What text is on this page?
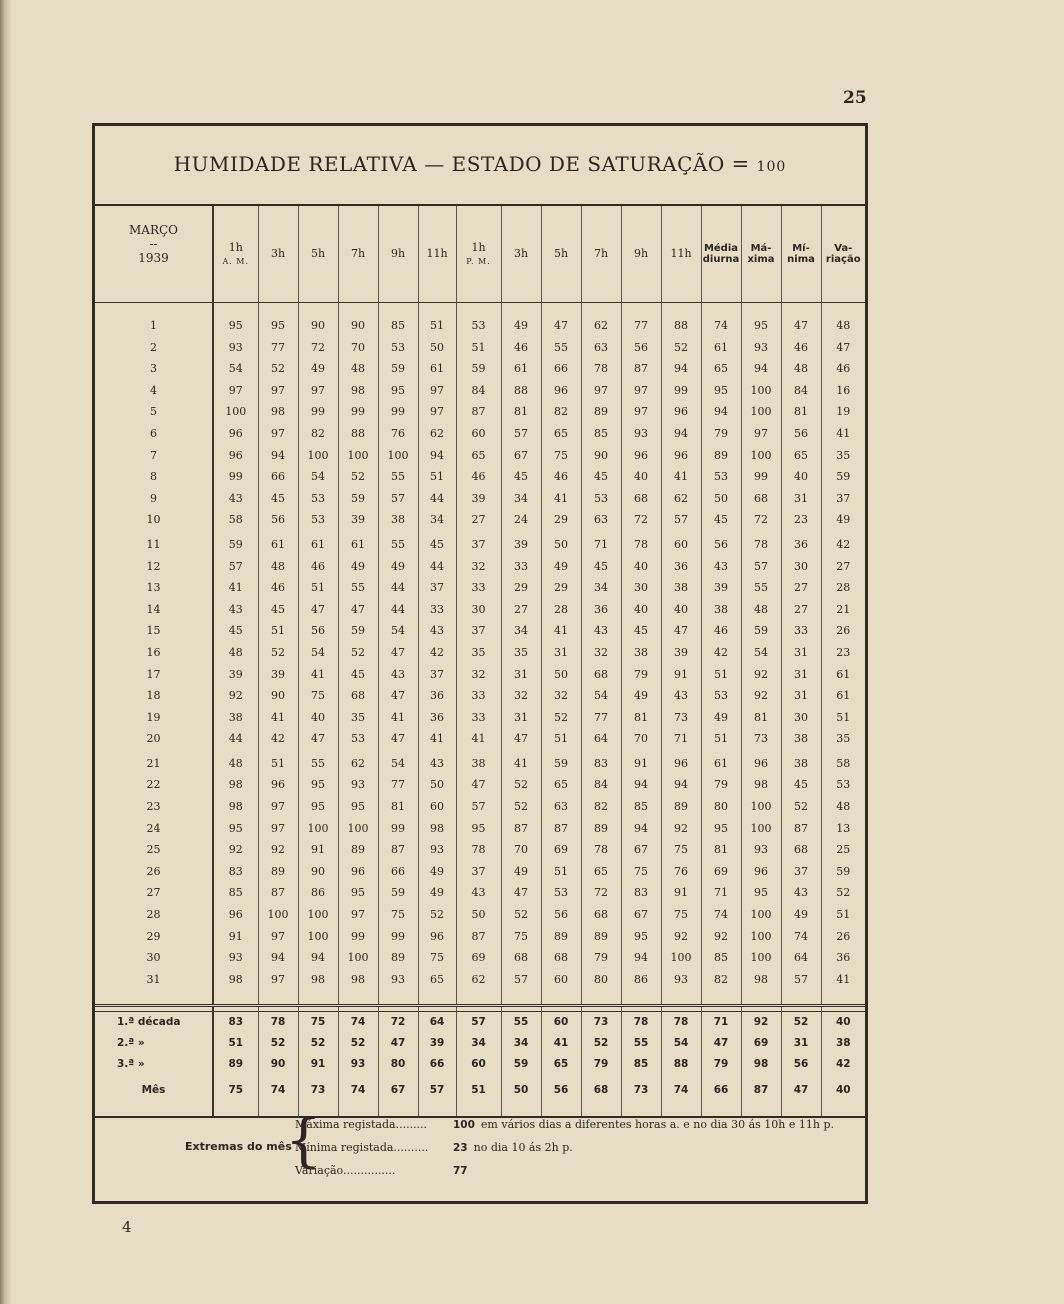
25
HUMIDADE RELATIVA — ESTADO DE SATURAÇÃO = 100
MARÇO
--
1939	1h
A. M.	3h	5h	7h	9h	11h	1h
P. M.	3h	5h	7h	9h	11h	Média diurna	Má- xima	Mí- nima	Va- riação

1	95	95	90	90	85	51	53	49	47	62	77	88	74	95	47	48
2	93	77	72	70	53	50	51	46	55	63	56	52	61	93	46	47
3	54	52	49	48	59	61	59	61	66	78	87	94	65	94	48	46
4	97	97	97	98	95	97	84	88	96	97	97	99	95	100	84	16
5	100	98	99	99	99	97	87	81	82	89	97	96	94	100	81	19
6	96	97	82	88	76	62	60	57	65	85	93	94	79	97	56	41
7	96	94	100	100	100	94	65	67	75	90	96	96	89	100	65	35
8	99	66	54	52	55	51	46	45	46	45	40	41	53	99	40	59
9	43	45	53	59	57	44	39	34	41	53	68	62	50	68	31	37
10	58	56	53	39	38	34	27	24	29	63	72	57	45	72	23	49

11	59	61	61	61	55	45	37	39	50	71	78	60	56	78	36	42
12	57	48	46	49	49	44	32	33	49	45	40	36	43	57	30	27
13	41	46	51	55	44	37	33	29	29	34	30	38	39	55	27	28
14	43	45	47	47	44	33	30	27	28	36	40	40	38	48	27	21
15	45	51	56	59	54	43	37	34	41	43	45	47	46	59	33	26
16	48	52	54	52	47	42	35	35	31	32	38	39	42	54	31	23
17	39	39	41	45	43	37	32	31	50	68	79	91	51	92	31	61
18	92	90	75	68	47	36	33	32	32	54	49	43	53	92	31	61
19	38	41	40	35	41	36	33	31	52	77	81	73	49	81	30	51
20	44	42	47	53	47	41	41	47	51	64	70	71	51	73	38	35

21	48	51	55	62	54	43	38	41	59	83	91	96	61	96	38	58
22	98	96	95	93	77	50	47	52	65	84	94	94	79	98	45	53
23	98	97	95	95	81	60	57	52	63	82	85	89	80	100	52	48
24	95	97	100	100	99	98	95	87	87	89	94	92	95	100	87	13
25	92	92	91	89	87	93	78	70	69	78	67	75	81	93	68	25
26	83	89	90	96	66	49	37	49	51	65	75	76	69	96	37	59
27	85	87	86	95	59	49	43	47	53	72	83	91	71	95	43	52
28	96	100	100	97	75	52	50	52	56	68	67	75	74	100	49	51
29	91	97	100	99	99	96	87	75	89	89	95	92	92	100	74	26
30	93	94	94	100	89	75	69	68	68	79	94	100	85	100	64	36
31	98	97	98	98	93	65	62	57	60	80	86	93	82	98	57	41

1.ª década	83	78	75	74	72	64	57	55	60	73	78	78	71	92	52	40
2.ª »	51	52	52	52	47	39	34	34	41	52	55	54	47	69	31	38
3.ª »	89	90	91	93	80	66	60	59	65	79	85	88	79	98	56	42
Mês	75	74	73	74	67	57	51	50	56	68	73	74	66	87	47	40

Extremas do mês
{
Máxima registada......... 100 em vários dias a diferentes horas a. e no dia 30 ás 10h e 11h p.
Mínima registada.......... 23 no dia 10 ás 2h p.
Variação...............	77
4
